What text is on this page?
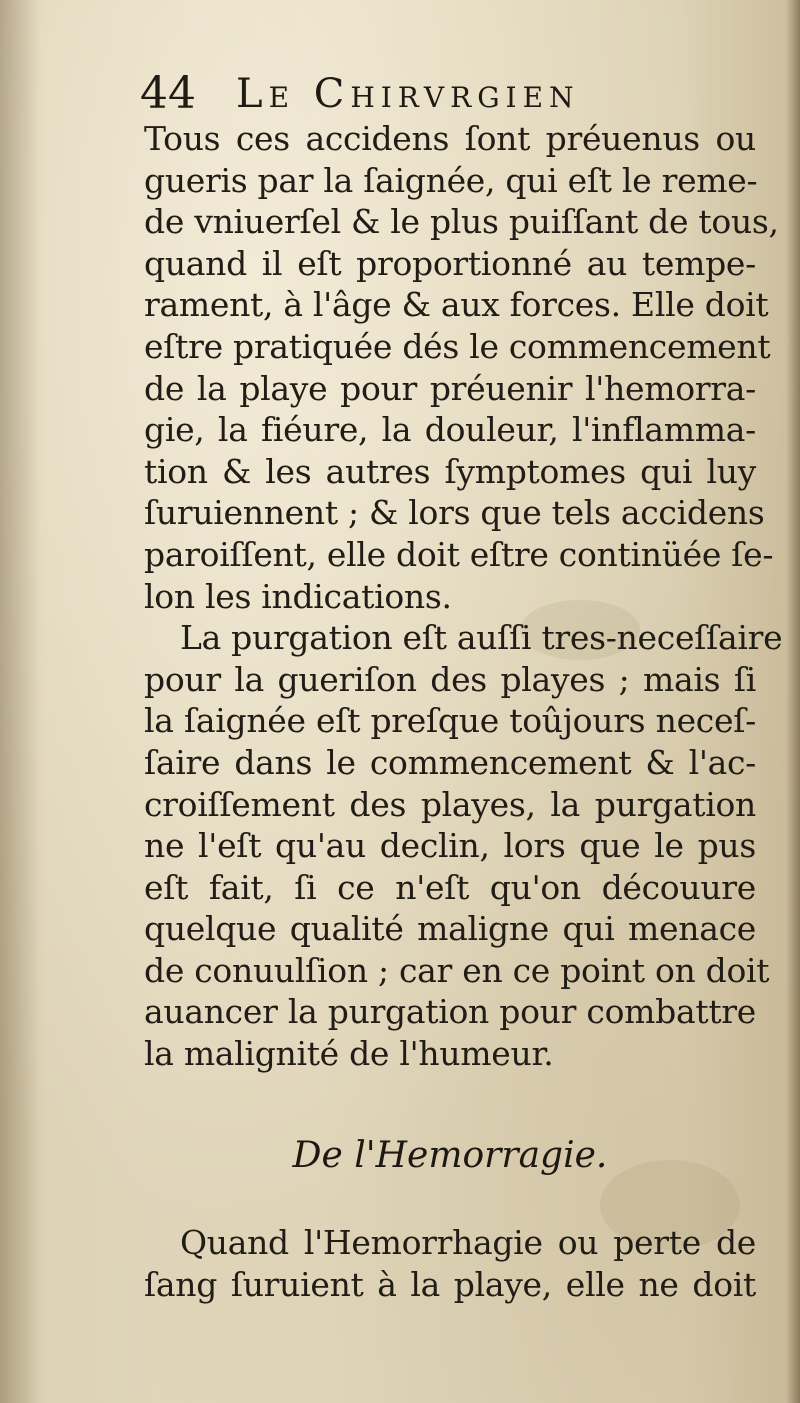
44 Le Chirvrgien
Tous ces accidens ſont préuenus ou
gueris par la ſaignée, qui eſt le reme-
de vniuerſel & le plus puiſſant de tous,
quand il eſt proportionné au tempe-
rament, à l'âge & aux forces. Elle doit
eſtre pratiquée dés le commencement
de la playe pour préuenir l'hemorra-
gie, la fiéure, la douleur, l'inflamma-
tion & les autres ſymptomes qui luy
ſuruiennent ; & lors que tels accidens
paroiſſent, elle doit eſtre continüée ſe-
lon les indications.
La purgation eſt auſſi tres-neceſſaire
pour la gueriſon des playes ; mais ſi
la ſaignée eſt preſque toûjours neceſ-
ſaire dans le commencement & l'ac-
croiſſement des playes, la purgation
ne l'eſt qu'au declin, lors que le pus
eſt fait, ſi ce n'eſt qu'on découure
quelque qualité maligne qui menace
de conuulſion ; car en ce point on doit
auancer la purgation pour combattre
la malignité de l'humeur.
De l'Hemorragie.
Quand l'Hemorrhagie ou perte de
ſang ſuruient à la playe, elle ne doit
